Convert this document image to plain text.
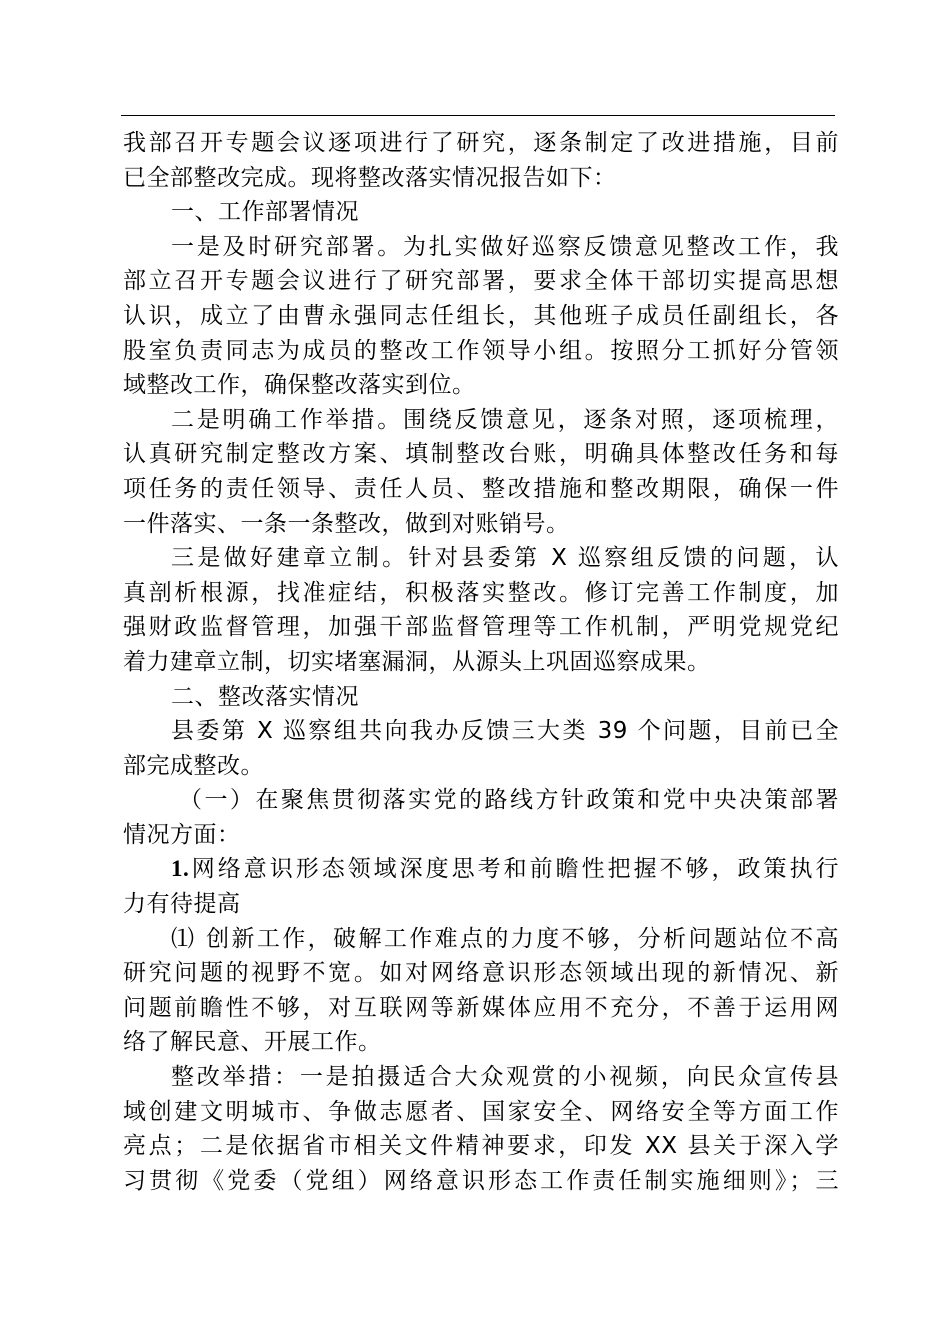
我部召开专题会议逐项进行了研究，逐条制定了改进措施，目前
已全部整改完成。现将整改落实情况报告如下：
一、工作部署情况
一是及时研究部署。为扎实做好巡察反馈意见整改工作，我
部立召开专题会议进行了研究部署，要求全体干部切实提高思想
认识，成立了由曹永强同志任组长，其他班子成员任副组长，各
股室负责同志为成员的整改工作领导小组。按照分工抓好分管领
域整改工作，确保整改落实到位。
二是明确工作举措。围绕反馈意见，逐条对照，逐项梳理，
认真研究制定整改方案、填制整改台账，明确具体整改任务和每
项任务的责任领导、责任人员、整改措施和整改期限，确保一件
一件落实、一条一条整改，做到对账销号。
三是做好建章立制。针对县委第 X 巡察组反馈的问题，认
真剖析根源，找准症结，积极落实整改。修订完善工作制度，加
强财政监督管理，加强干部监督管理等工作机制，严明党规党纪
着力建章立制，切实堵塞漏洞，从源头上巩固巡察成果。
二、整改落实情况
县委第 X 巡察组共向我办反馈三大类 39 个问题，目前已全
部完成整改。
（一）在聚焦贯彻落实党的路线方针政策和党中央决策部署
情况方面：
1.网络意识形态领域深度思考和前瞻性把握不够，政策执行
力有待提高
⑴ 创新工作，破解工作难点的力度不够，分析问题站位不高
研究问题的视野不宽。如对网络意识形态领域出现的新情况、新
问题前瞻性不够，对互联网等新媒体应用不充分，不善于运用网
络了解民意、开展工作。
整改举措：一是拍摄适合大众观赏的小视频，向民众宣传县
域创建文明城市、争做志愿者、国家安全、网络安全等方面工作
亮点；二是依据省市相关文件精神要求，印发 XX 县关于深入学
习贯彻《党委（党组）网络意识形态工作责任制实施细则》；三
